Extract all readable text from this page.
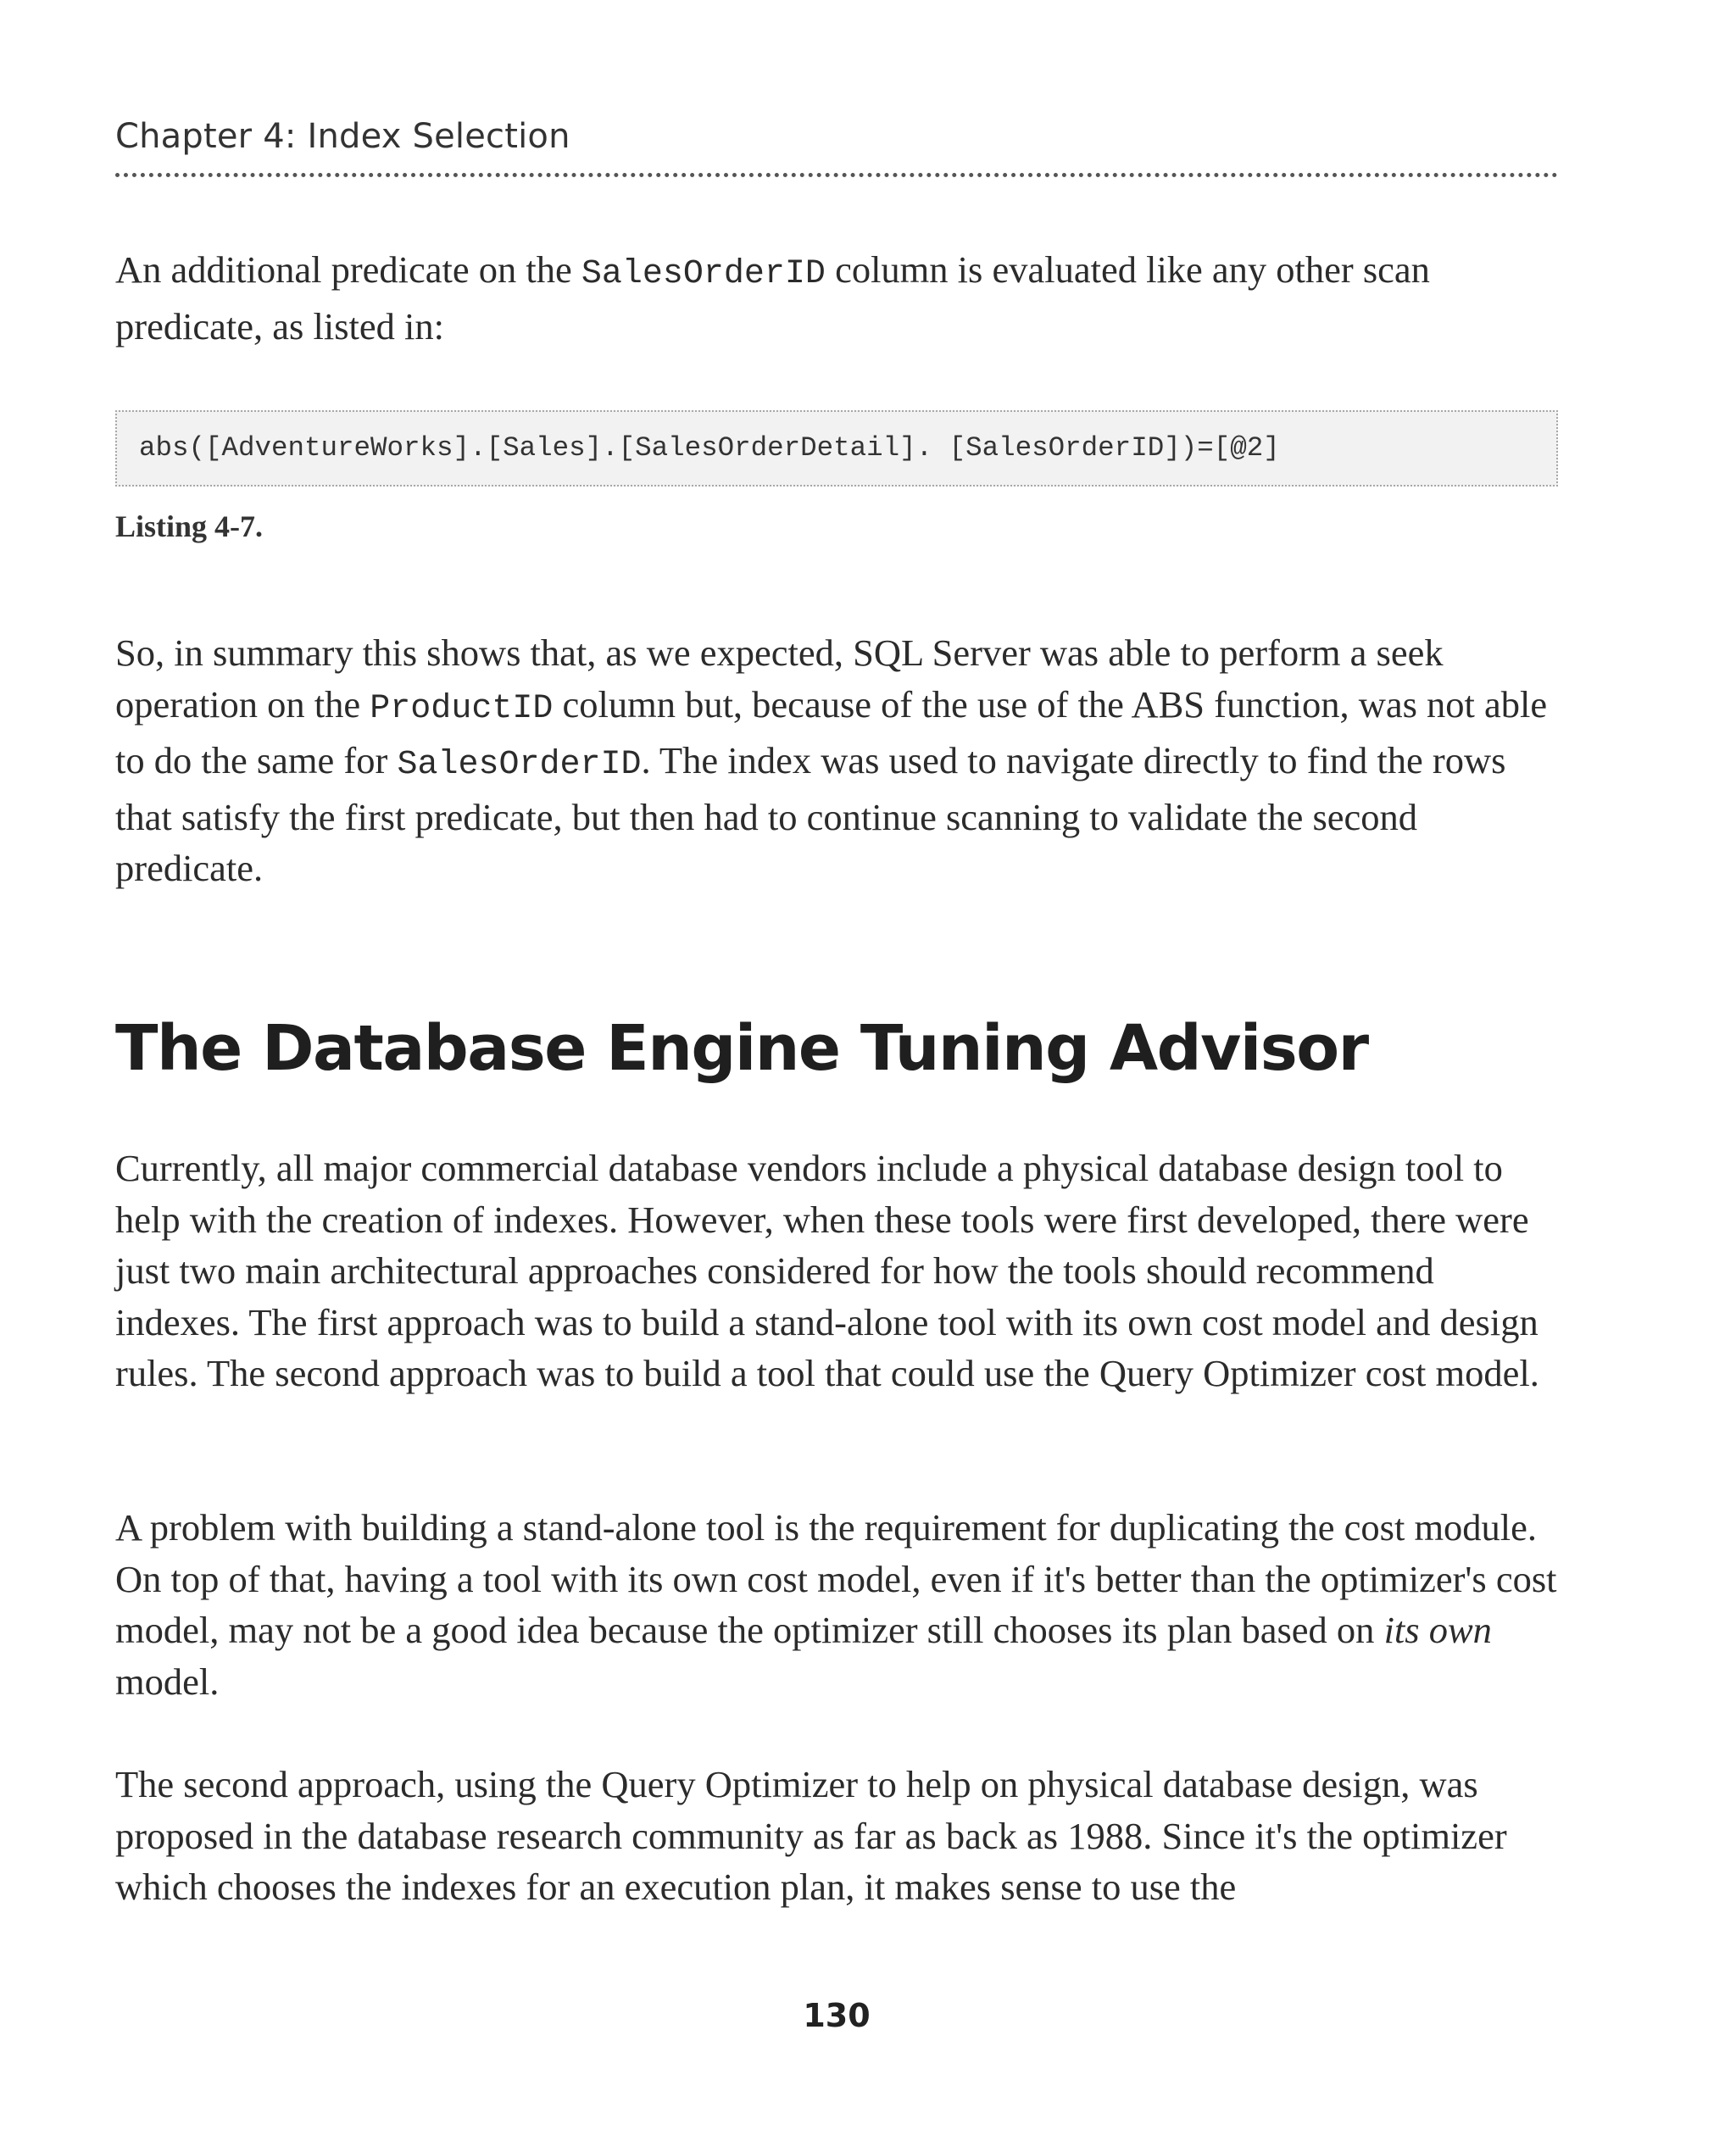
Chapter 4: Index Selection

An additional predicate on the SalesOrderID column is evaluated like any other scan predicate, as listed in:

abs([AdventureWorks].[Sales].[SalesOrderDetail]. [SalesOrderID])=[@2]
Listing 4-7.

So, in summary this shows that, as we expected, SQL Server was able to perform a seek operation on the ProductID column but, because of the use of the ABS function, was not able to do the same for SalesOrderID. The index was used to navigate directly to find the rows that satisfy the first predicate, but then had to continue scanning to validate the second predicate.

The Database Engine Tuning Advisor

Currently, all major commercial database vendors include a physical database design tool to help with the creation of indexes. However, when these tools were first developed, there were just two main architectural approaches considered for how the tools should recommend indexes. The first approach was to build a stand-alone tool with its own cost model and design rules. The second approach was to build a tool that could use the Query Optimizer cost model.

A problem with building a stand-alone tool is the requirement for duplicating the cost module. On top of that, having a tool with its own cost model, even if it's better than the optimizer's cost model, may not be a good idea because the optimizer still chooses its plan based on its own model.

The second approach, using the Query Optimizer to help on physical database design, was proposed in the database research community as far as back as 1988. Since it's the optimizer which chooses the indexes for an execution plan, it makes sense to use the

130
